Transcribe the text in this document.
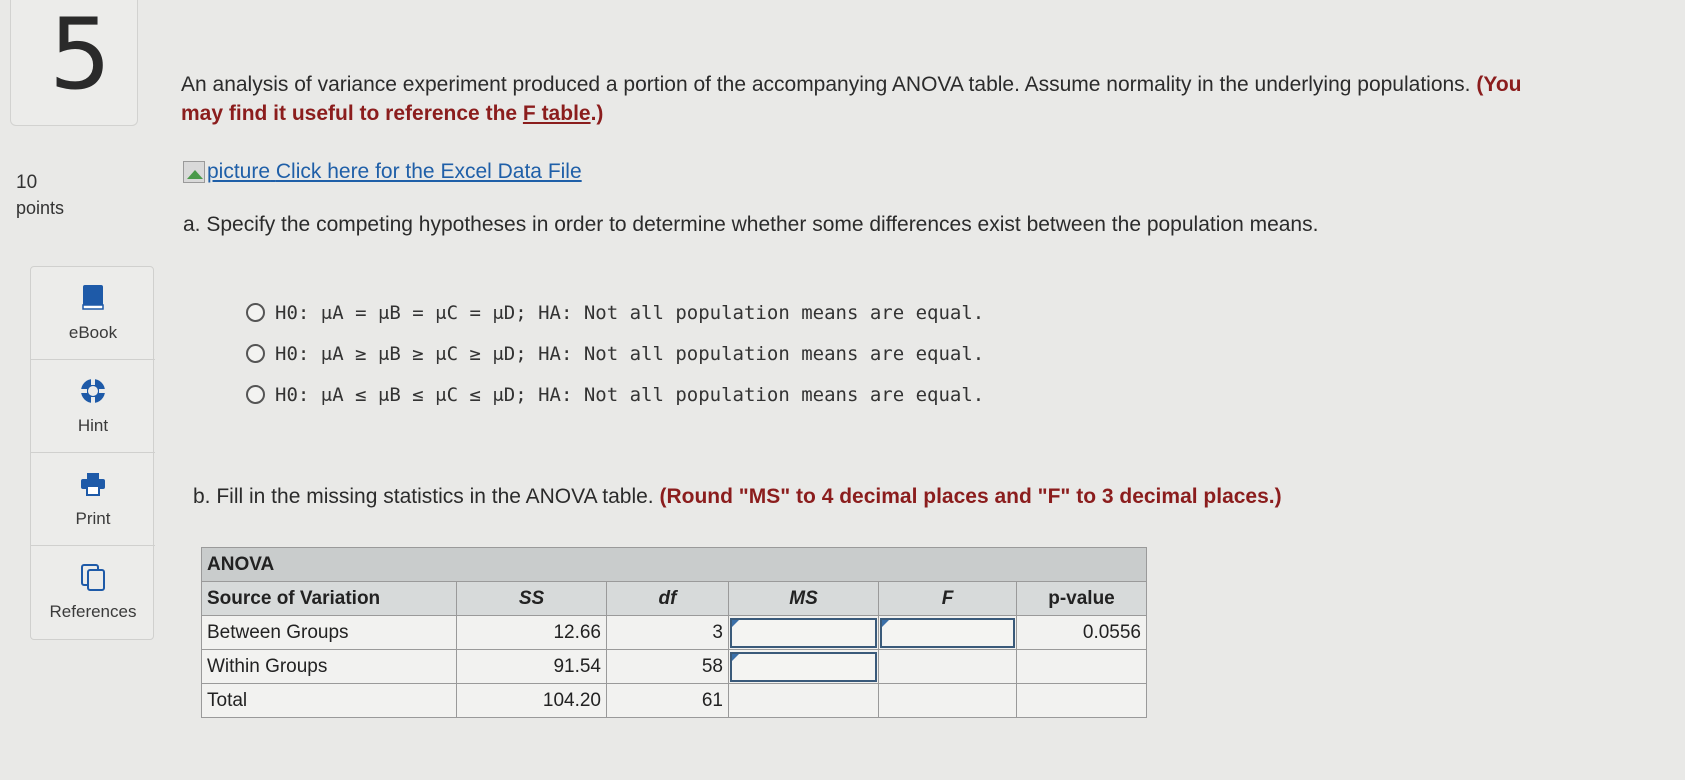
5
10
points
eBook
Hint
Print
References
An analysis of variance experiment produced a portion of the accompanying ANOVA table. Assume normality in the underlying populations. (You may find it useful to reference the F table.)
picture
Click here for the Excel Data File
a. Specify the competing hypotheses in order to determine whether some differences exist between the population means.
H0: μA = μB = μC = μD; HA: Not all population means are equal.
H0: μA ≥ μB ≥ μC ≥ μD; HA: Not all population means are equal.
H0: μA ≤ μB ≤ μC ≤ μD; HA: Not all population means are equal.
b. Fill in the missing statistics in the ANOVA table. (Round "MS" to 4 decimal places and "F" to 3 decimal places.)
ANOVA					
Source of Variation	SS	df	MS	F	p-value
Between Groups	12.66	3			0.0556
Within Groups	91.54	58	

Total	104.20	61			
